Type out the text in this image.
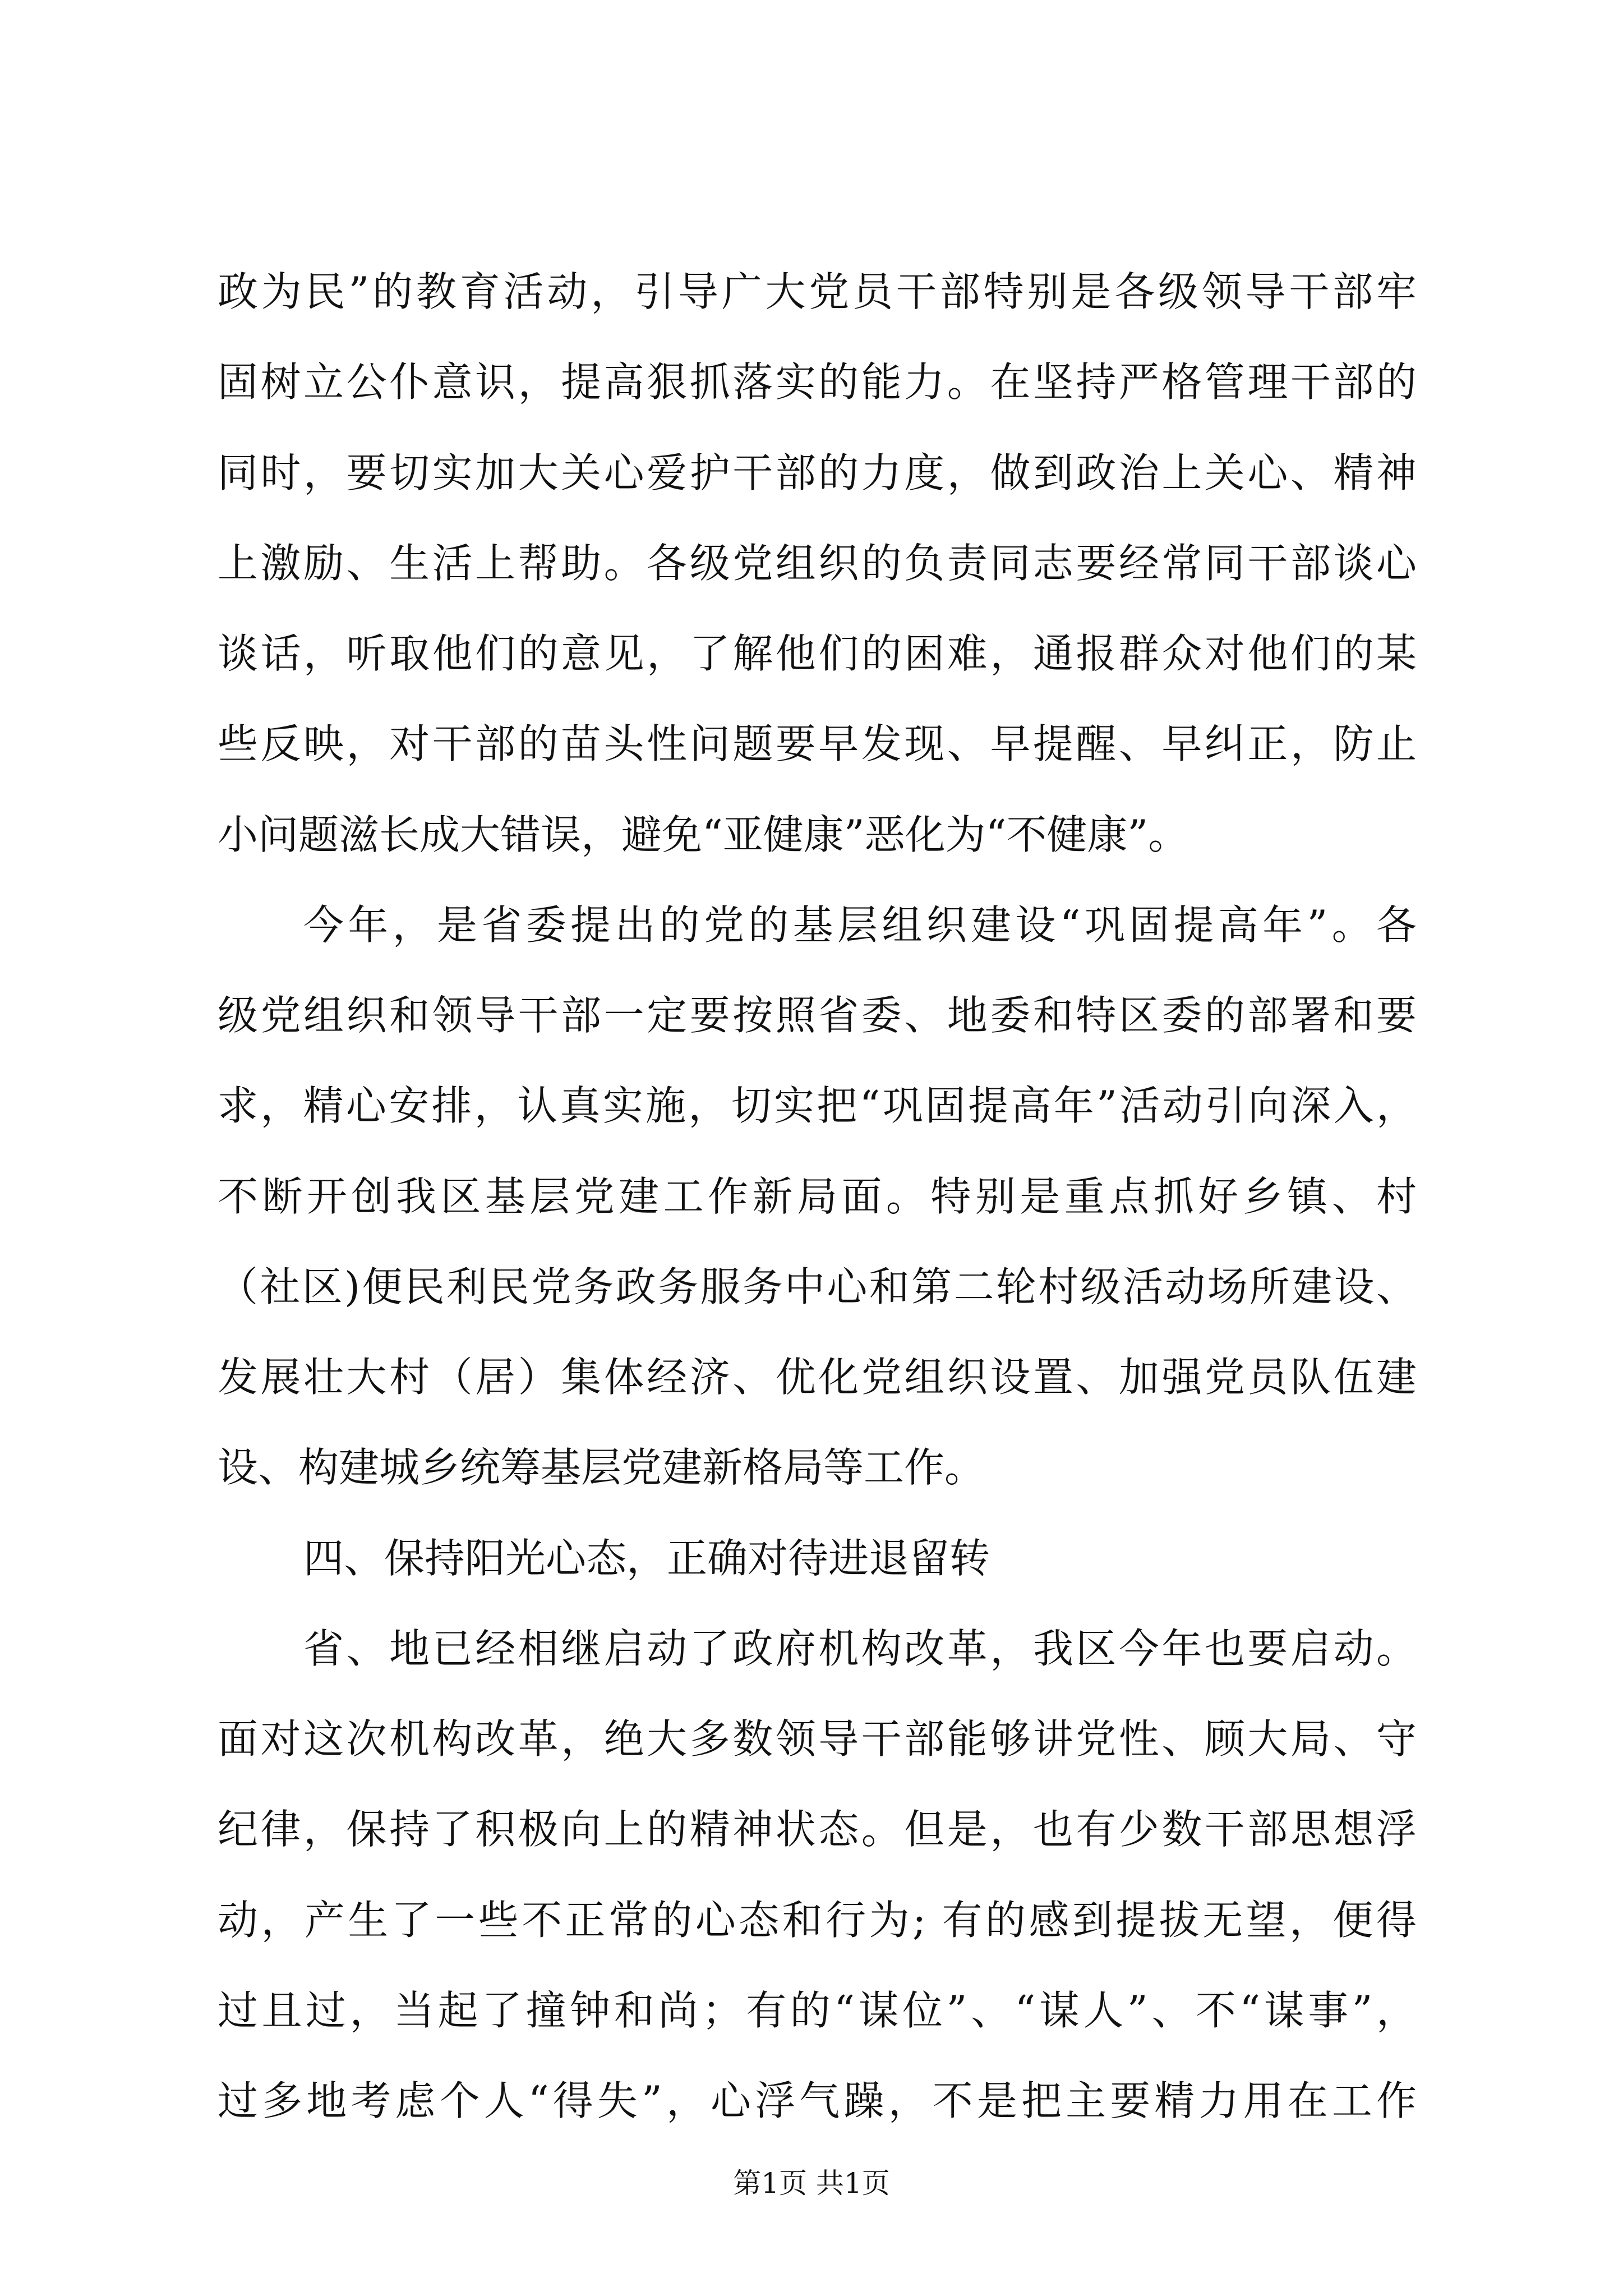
政为民”的教育活动，引导广大党员干部特别是各级领导干部牢
固树立公仆意识，提高狠抓落实的能力。在坚持严格管理干部的
同时，要切实加大关心爱护干部的力度，做到政治上关心、精神
上激励、生活上帮助。各级党组织的负责同志要经常同干部谈心
谈话，听取他们的意见，了解他们的困难，通报群众对他们的某
些反映，对干部的苗头性问题要早发现、早提醒、早纠正，防止
小问题滋长成大错误，避免“亚健康”恶化为“不健康”。
今年，是省委提出的党的基层组织建设“巩固提高年”。各
级党组织和领导干部一定要按照省委、地委和特区委的部署和要
求，精心安排，认真实施，切实把“巩固提高年”活动引向深入，
不断开创我区基层党建工作新局面。特别是重点抓好乡镇、村
（社区)便民利民党务政务服务中心和第二轮村级活动场所建设、
发展壮大村（居）集体经济、优化党组织设置、加强党员队伍建
设、构建城乡统筹基层党建新格局等工作。
四、保持阳光心态，正确对待进退留转
省、地已经相继启动了政府机构改革，我区今年也要启动。
面对这次机构改革，绝大多数领导干部能够讲党性、顾大局、守
纪律，保持了积极向上的精神状态。但是，也有少数干部思想浮
动，产生了一些不正常的心态和行为; 有的感到提拔无望，便得
过且过，当起了撞钟和尚；有的“谋位”、“谋人”、不“谋事”，
过多地考虑个人“得失”，心浮气躁，不是把主要精力用在工作
第1页 共1页
